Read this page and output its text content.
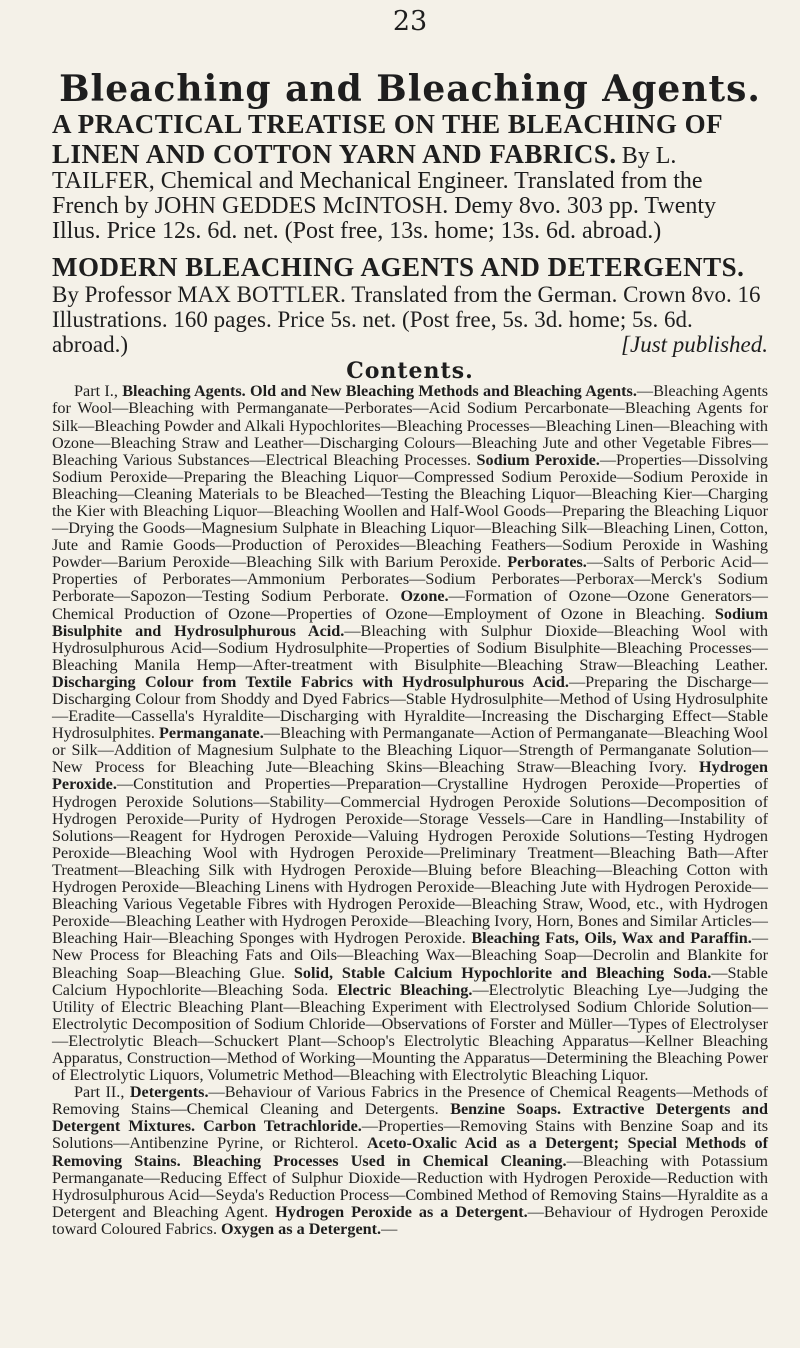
23
Bleaching and Bleaching Agents.
A PRACTICAL TREATISE ON THE BLEACHING OF LINEN AND COTTON YARN AND FABRICS. By L. TAILFER, Chemical and Mechanical Engineer. Translated from the French by JOHN GEDDES McINTOSH. Demy 8vo. 303 pp. Twenty Illus. Price 12s. 6d. net. (Post free, 13s. home; 13s. 6d. abroad.)
MODERN BLEACHING AGENTS AND DETERGENTS.

By Professor MAX BOTTLER. Translated from the German. Crown 8vo. 16 Illustrations. 160 pages. Price 5s. net. (Post free, 5s. 3d. home; 5s. 6d. abroad.)	[Just published.

Contents.

Part I., Bleaching Agents. Old and New Bleaching Methods and Bleaching Agents.—Bleaching Agents for Wool—Bleaching with Permanganate—Perborates—Acid Sodium Percarbonate—Bleaching Agents for Silk—Bleaching Powder and Alkali Hypochlorites—Bleaching Processes—Bleaching Linen—Bleaching with Ozone—Bleaching Straw and Leather—Discharging Colours—Bleaching Jute and other Vegetable Fibres—Bleaching Various Substances—Electrical Bleaching Processes. Sodium Peroxide.—Properties—Dissolving Sodium Peroxide—Preparing the Bleaching Liquor—Compressed Sodium Peroxide—Sodium Peroxide in Bleaching—Cleaning Materials to be Bleached—Testing the Bleaching Liquor—Bleaching Kier—Charging the Kier with Bleaching Liquor—Bleaching Woollen and Half-Wool Goods—Preparing the Bleaching Liquor—Drying the Goods—Magnesium Sulphate in Bleaching Liquor—Bleaching Silk—Bleaching Linen, Cotton, Jute and Ramie Goods—Production of Peroxides—Bleaching Feathers—Sodium Peroxide in Washing Powder—Barium Peroxide—Bleaching Silk with Barium Peroxide. Perborates.—Salts of Perboric Acid—Properties of Perborates—Ammonium Perborates—Sodium Perborates—Perborax—Merck's Sodium Perborate—Sapozon—Testing Sodium Perborate. Ozone.—Formation of Ozone—Ozone Generators—Chemical Production of Ozone—Properties of Ozone—Employment of Ozone in Bleaching. Sodium Bisulphite and Hydrosulphurous Acid.—Bleaching with Sulphur Dioxide—Bleaching Wool with Hydrosulphurous Acid—Sodium Hydrosulphite—Properties of Sodium Bisulphite—Bleaching Processes—Bleaching Manila Hemp—After-treatment with Bisulphite—Bleaching Straw—Bleaching Leather. Discharging Colour from Textile Fabrics with Hydrosulphurous Acid.—Preparing the Discharge—Discharging Colour from Shoddy and Dyed Fabrics—Stable Hydrosulphite—Method of Using Hydrosulphite—Eradite—Cassella's Hyraldite—Discharging with Hyraldite—Increasing the Discharging Effect—Stable Hydrosulphites. Permanganate.—Bleaching with Permanganate—Action of Permanganate—Bleaching Wool or Silk—Addition of Magnesium Sulphate to the Bleaching Liquor—Strength of Permanganate Solution—New Process for Bleaching Jute—Bleaching Skins—Bleaching Straw—Bleaching Ivory. Hydrogen Peroxide.—Constitution and Properties—Preparation—Crystalline Hydrogen Peroxide—Properties of Hydrogen Peroxide Solutions—Stability—Commercial Hydrogen Peroxide Solutions—Decomposition of Hydrogen Peroxide—Purity of Hydrogen Peroxide—Storage Vessels—Care in Handling—Instability of Solutions—Reagent for Hydrogen Peroxide—Valuing Hydrogen Peroxide Solutions—Testing Hydrogen Peroxide—Bleaching Wool with Hydrogen Peroxide—Preliminary Treatment—Bleaching Bath—After Treatment—Bleaching Silk with Hydrogen Peroxide—Bluing before Bleaching—Bleaching Cotton with Hydrogen Peroxide—Bleaching Linens with Hydrogen Peroxide—Bleaching Jute with Hydrogen Peroxide—Bleaching Various Vegetable Fibres with Hydrogen Peroxide—Bleaching Straw, Wood, etc., with Hydrogen Peroxide—Bleaching Leather with Hydrogen Peroxide—Bleaching Ivory, Horn, Bones and Similar Articles—Bleaching Hair—Bleaching Sponges with Hydrogen Peroxide. Bleaching Fats, Oils, Wax and Paraffin.—New Process for Bleaching Fats and Oils—Bleaching Wax—Bleaching Soap—Decrolin and Blankite for Bleaching Soap—Bleaching Glue. Solid, Stable Calcium Hypochlorite and Bleaching Soda.—Stable Calcium Hypochlorite—Bleaching Soda. Electric Bleaching.—Electrolytic Bleaching Lye—Judging the Utility of Electric Bleaching Plant—Bleaching Experiment with Electrolysed Sodium Chloride Solution—Electrolytic Decomposition of Sodium Chloride—Observations of Forster and Müller—Types of Electrolyser—Electrolytic Bleach—Schuckert Plant—Schoop's Electrolytic Bleaching Apparatus—Kellner Bleaching Apparatus, Construction—Method of Working—Mounting the Apparatus—Determining the Bleaching Power of Electrolytic Liquors, Volumetric Method—Bleaching with Electrolytic Bleaching Liquor.

Part II., Detergents.—Behaviour of Various Fabrics in the Presence of Chemical Reagents—Methods of Removing Stains—Chemical Cleaning and Detergents. Benzine Soaps. Extractive Detergents and Detergent Mixtures. Carbon Tetrachloride.—Properties—Removing Stains with Benzine Soap and its Solutions—Antibenzine Pyrine, or Richterol. Aceto-Oxalic Acid as a Detergent; Special Methods of Removing Stains. Bleaching Processes Used in Chemical Cleaning.—Bleaching with Potassium Permanganate—Reducing Effect of Sulphur Dioxide—Reduction with Hydrogen Peroxide—Reduction with Hydrosulphurous Acid—Seyda's Reduction Process—Combined Method of Removing Stains—Hyraldite as a Detergent and Bleaching Agent. Hydrogen Peroxide as a Detergent.—Behaviour of Hydrogen Peroxide toward Coloured Fabrics. Oxygen as a Detergent.—
